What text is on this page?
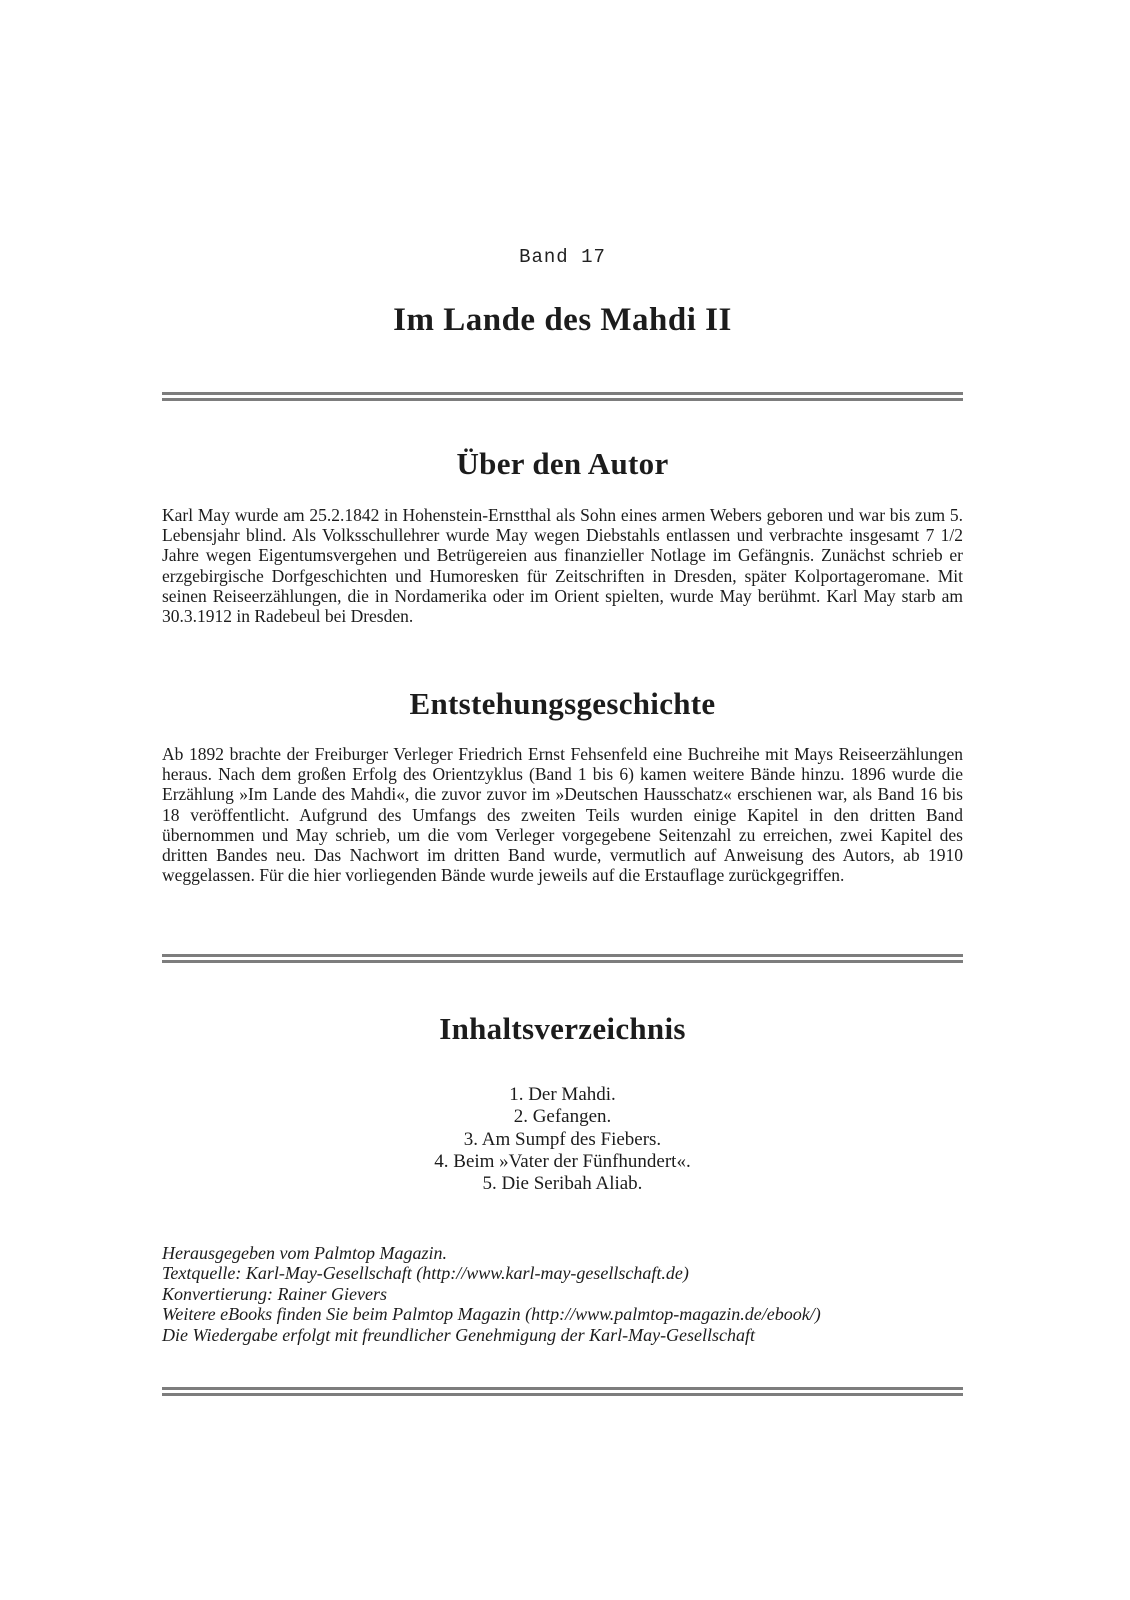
Band 17
Im Lande des Mahdi II
Über den Autor

Karl May wurde am 25.2.1842 in Hohenstein-Ernstthal als Sohn eines armen Webers geboren und war bis zum 5. Lebensjahr blind. Als Volksschullehrer wurde May wegen Diebstahls entlassen und verbrachte insgesamt 7 1/2 Jahre wegen Eigentumsvergehen und Betrügereien aus finanzieller Notlage im Gefängnis. Zunächst schrieb er erzgebirgische Dorfgeschichten und Humoresken für Zeitschriften in Dresden, später Kolportageromane. Mit seinen Reiseerzählungen, die in Nordamerika oder im Orient spielten, wurde May berühmt. Karl May starb am 30.3.1912 in Radebeul bei Dresden.

Entstehungsgeschichte

Ab 1892 brachte der Freiburger Verleger Friedrich Ernst Fehsenfeld eine Buchreihe mit Mays Reiseerzählungen heraus. Nach dem großen Erfolg des Orientzyklus (Band 1 bis 6) kamen weitere Bände hinzu. 1896 wurde die Erzählung »Im Lande des Mahdi«, die zuvor zuvor im »Deutschen Hausschatz« erschienen war, als Band 16 bis 18 veröffentlicht. Aufgrund des Umfangs des zweiten Teils wurden einige Kapitel in den dritten Band übernommen und May schrieb, um die vom Verleger vorgegebene Seitenzahl zu erreichen, zwei Kapitel des dritten Bandes neu. Das Nachwort im dritten Band wurde, vermutlich auf Anweisung des Autors, ab 1910 weggelassen. Für die hier vorliegenden Bände wurde jeweils auf die Erstauflage zurückgegriffen.

Inhaltsverzeichnis
1. Der Mahdi.
2. Gefangen.
3. Am Sumpf des Fiebers.
4. Beim »Vater der Fünfhundert«.
5. Die Seribah Aliab.
Herausgegeben vom Palmtop Magazin.
Textquelle: Karl-May-Gesellschaft (http://www.karl-may-gesellschaft.de)
Konvertierung: Rainer Gievers
Weitere eBooks finden Sie beim Palmtop Magazin (http://www.palmtop-magazin.de/ebook/)
Die Wiedergabe erfolgt mit freundlicher Genehmigung der Karl-May-Gesellschaft
